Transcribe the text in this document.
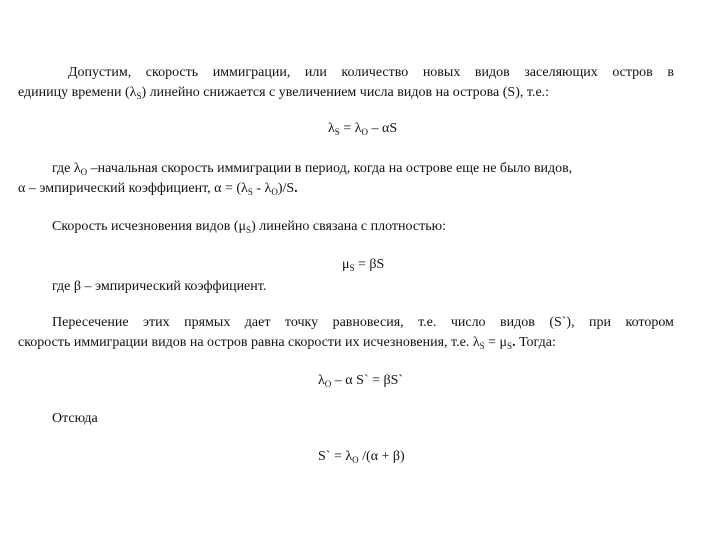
Допустим, скорость иммиграции, или количество новых видов заселяющих остров в
единицу времени $(\lambda_S)$ линейно снижается с увеличением числа видов на острова (S), т.е.:
$\lambda_S = \lambda_O - \alpha S$
где $\lambda_O$ –начальная скорость иммиграции в период, когда на острове еще не было видов,
α – эмпирический коэффициент, $\alpha = (\lambda_S - \lambda_O)/S$.
Скорость исчезновения видов $(\mu_S)$ линейно связана с плотностью:
$\mu_S = \beta S$
где β – эмпирический коэффициент.
Пересечение этих прямых дает точку равновесия, т.е. число видов (S`), при котором
скорость иммиграции видов на остров равна скорости их исчезновения, т.е. $\lambda_S = \mu_S$. Тогда:
$\lambda_O$ – α S` = βS`
Отсюда
S` = $\lambda_O$ /(α + β)
